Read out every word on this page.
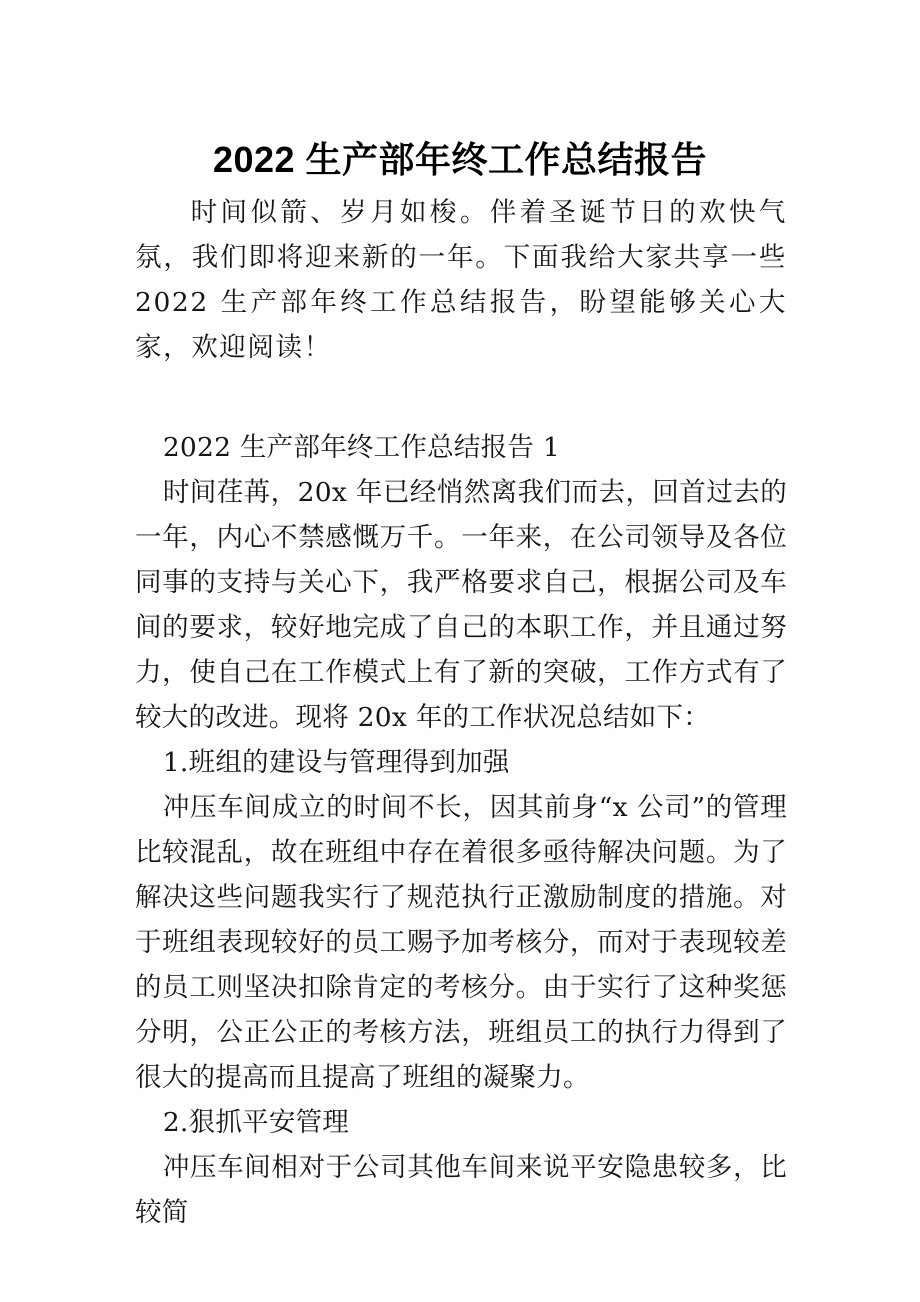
2022 生产部年终工作总结报告

时间似箭、岁月如梭。伴着圣诞节日的欢快气氛，我们即将迎来新的一年。下面我给大家共享一些 2022 生产部年终工作总结报告，盼望能够关心大家，欢迎阅读！

2022 生产部年终工作总结报告 1

时间荏苒，20x 年已经悄然离我们而去，回首过去的一年，内心不禁感慨万千。一年来，在公司领导及各位同事的支持与关心下，我严格要求自己，根据公司及车间的要求，较好地完成了自己的本职工作，并且通过努力，使自己在工作模式上有了新的突破，工作方式有了较大的改进。现将 20x 年的工作状况总结如下：

1.班组的建设与管理得到加强

冲压车间成立的时间不长，因其前身“x 公司”的管理比较混乱，故在班组中存在着很多亟待解决问题。为了解决这些问题我实行了规范执行正激励制度的措施。对于班组表现较好的员工赐予加考核分，而对于表现较差的员工则坚决扣除肯定的考核分。由于实行了这种奖惩分明，公正公正的考核方法，班组员工的执行力得到了很大的提高而且提高了班组的凝聚力。

2.狠抓平安管理

冲压车间相对于公司其他车间来说平安隐患较多，比较简
